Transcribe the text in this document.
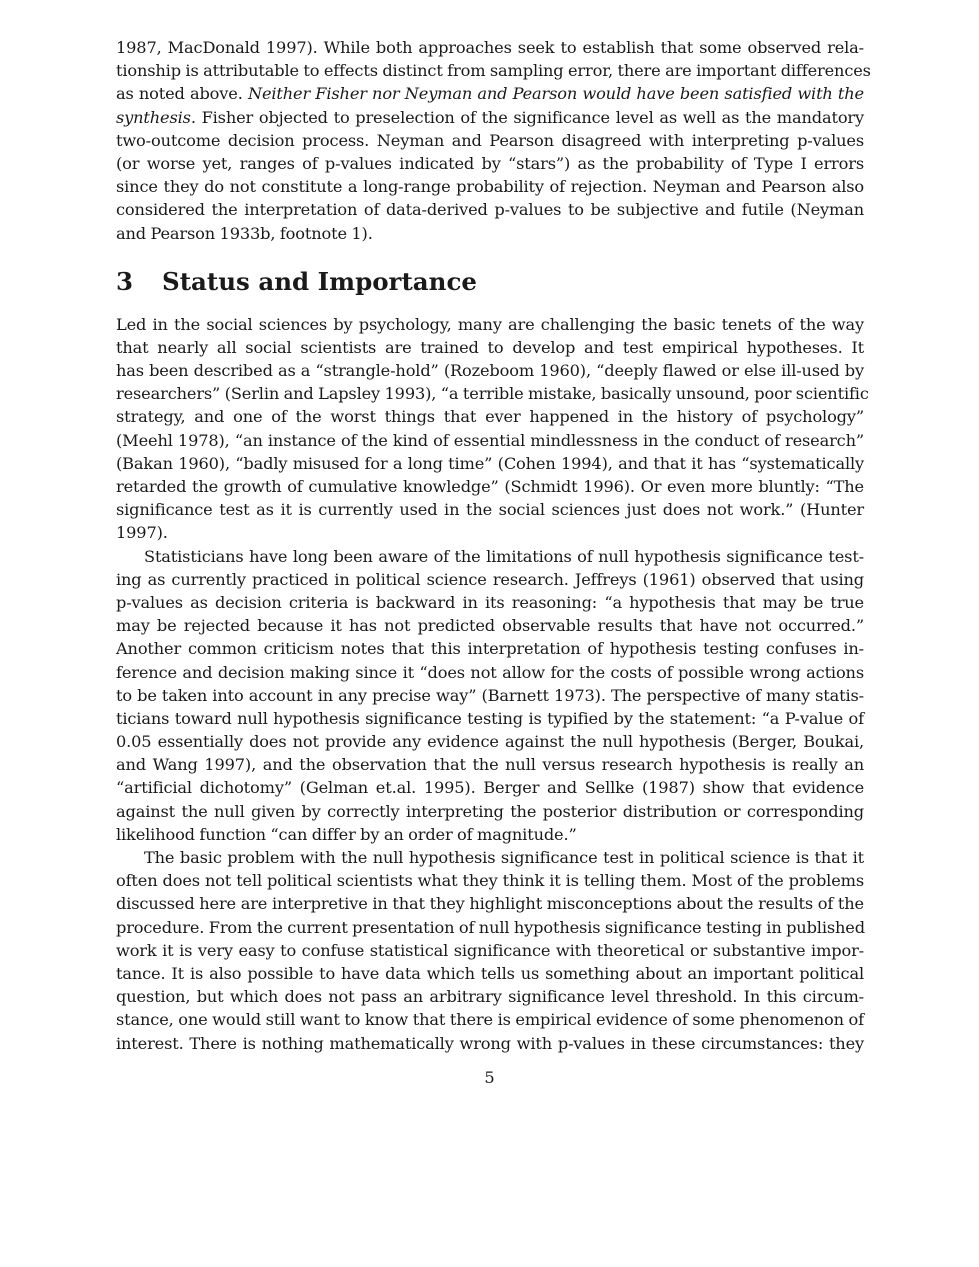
1987, MacDonald 1997). While both approaches seek to establish that some observed rela-
tionship is attributable to effects distinct from sampling error, there are important differences
as noted above. Neither Fisher nor Neyman and Pearson would have been satisfied with the
synthesis. Fisher objected to preselection of the significance level as well as the mandatory
two-outcome decision process. Neyman and Pearson disagreed with interpreting p-values
(or worse yet, ranges of p-values indicated by “stars”) as the probability of Type I errors
since they do not constitute a long-range probability of rejection. Neyman and Pearson also
considered the interpretation of data-derived p-values to be subjective and futile (Neyman
and Pearson 1933b, footnote 1).
3 Status and Importance
Led in the social sciences by psychology, many are challenging the basic tenets of the way
that nearly all social scientists are trained to develop and test empirical hypotheses. It
has been described as a “strangle-hold” (Rozeboom 1960), “deeply flawed or else ill-used by
researchers” (Serlin and Lapsley 1993), “a terrible mistake, basically unsound, poor scientific
strategy, and one of the worst things that ever happened in the history of psychology”
(Meehl 1978), “an instance of the kind of essential mindlessness in the conduct of research”
(Bakan 1960), “badly misused for a long time” (Cohen 1994), and that it has “systematically
retarded the growth of cumulative knowledge” (Schmidt 1996). Or even more bluntly: “The
significance test as it is currently used in the social sciences just does not work.” (Hunter
1997).
Statisticians have long been aware of the limitations of null hypothesis significance test-
ing as currently practiced in political science research. Jeffreys (1961) observed that using
p-values as decision criteria is backward in its reasoning: “a hypothesis that may be true
may be rejected because it has not predicted observable results that have not occurred.”
Another common criticism notes that this interpretation of hypothesis testing confuses in-
ference and decision making since it “does not allow for the costs of possible wrong actions
to be taken into account in any precise way” (Barnett 1973). The perspective of many statis-
ticians toward null hypothesis significance testing is typified by the statement: “a P-value of
0.05 essentially does not provide any evidence against the null hypothesis (Berger, Boukai,
and Wang 1997), and the observation that the null versus research hypothesis is really an
“artificial dichotomy” (Gelman et.al. 1995). Berger and Sellke (1987) show that evidence
against the null given by correctly interpreting the posterior distribution or corresponding
likelihood function “can differ by an order of magnitude.”
The basic problem with the null hypothesis significance test in political science is that it
often does not tell political scientists what they think it is telling them. Most of the problems
discussed here are interpretive in that they highlight misconceptions about the results of the
procedure. From the current presentation of null hypothesis significance testing in published
work it is very easy to confuse statistical significance with theoretical or substantive impor-
tance. It is also possible to have data which tells us something about an important political
question, but which does not pass an arbitrary significance level threshold. In this circum-
stance, one would still want to know that there is empirical evidence of some phenomenon of
interest. There is nothing mathematically wrong with p-values in these circumstances: they
5
